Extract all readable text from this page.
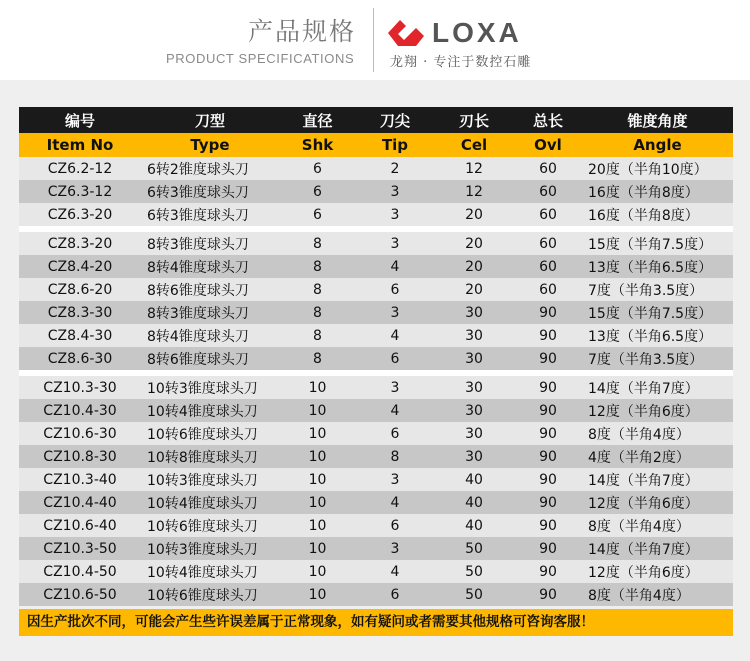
产品规格
PRODUCT SPECIFICATIONS
LOXA
龙翔 · 专注于数控石雕
编号	刀型	直径	刀尖	刃长	总长	锥度角度
Item No	Type	Shk	Tip	Cel	Ovl	Angle
CZ6.2-12	6转2锥度球头刀	6	2	12	60	20度（半角10度）
CZ6.3-12	6转3锥度球头刀	6	3	12	60	16度（半角8度）
CZ6.3-20	6转3锥度球头刀	6	3	20	60	16度（半角8度）

CZ8.3-20	8转3锥度球头刀	8	3	20	60	15度（半角7.5度）
CZ8.4-20	8转4锥度球头刀	8	4	20	60	13度（半角6.5度）
CZ8.6-20	8转6锥度球头刀	8	6	20	60	7度（半角3.5度）
CZ8.3-30	8转3锥度球头刀	8	3	30	90	15度（半角7.5度）
CZ8.4-30	8转4锥度球头刀	8	4	30	90	13度（半角6.5度）
CZ8.6-30	8转6锥度球头刀	8	6	30	90	7度（半角3.5度）

CZ10.3-30	10转3锥度球头刀	10	3	30	90	14度（半角7度）
CZ10.4-30	10转4锥度球头刀	10	4	30	90	12度（半角6度）
CZ10.6-30	10转6锥度球头刀	10	6	30	90	8度（半角4度）
CZ10.8-30	10转8锥度球头刀	10	8	30	90	4度（半角2度）
CZ10.3-40	10转3锥度球头刀	10	3	40	90	14度（半角7度）
CZ10.4-40	10转4锥度球头刀	10	4	40	90	12度（半角6度）
CZ10.6-40	10转6锥度球头刀	10	6	40	90	8度（半角4度）
CZ10.3-50	10转3锥度球头刀	10	3	50	90	14度（半角7度）
CZ10.4-50	10转4锥度球头刀	10	4	50	90	12度（半角6度）
CZ10.6-50	10转6锥度球头刀	10	6	50	90	8度（半角4度）
因生产批次不同，可能会产生些许误差属于正常现象，如有疑问或者需要其他规格可咨询客服！
